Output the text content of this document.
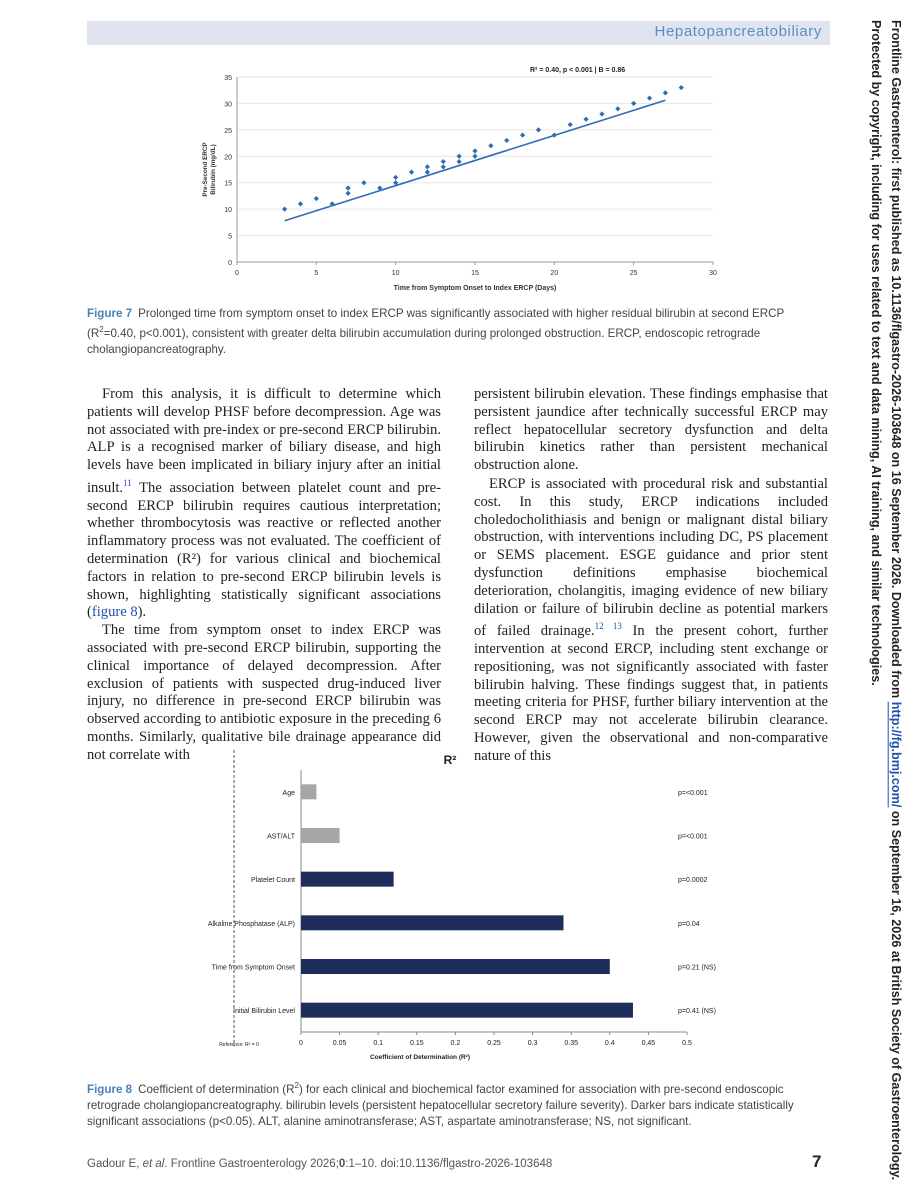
Hepatopancreatobiliary	Frontline Gastroenterol: first published as 10.1136/flgastro-2026-103648 on 16 September 2026. Downloaded from http://fg.bmj.com/ on September 16, 2026 at British Society of Gastroenterology.
Protected by copyright, including for uses related to text and data mining, AI training, and similar technologies.
0
5
10
15
20
25
30
35
0	5	10	15	20	25	30
Time from Symptom Onset to Index ERCP (Days)
Pre-Second ERCPBilirubin (mg/dL)
R² = 0.40, p < 0.001 | B = 0.86
Figure 7 Prolonged time from symptom onset to index ERCP was significantly associated with higher residual bilirubin at second ERCP ($R^2=0.40$, p<0.001), consistent with greater delta bilirubin accumulation during prolonged obstruction. ERCP, endoscopic retrograde cholangiopancreatography.

From this analysis, it is difficult to determine which patients will develop PHSF before decompression. Age was not associated with pre-index or pre-second ERCP bilirubin. ALP is a recognised marker of biliary disease, and high levels have been implicated in biliary injury after an initial insult.$^{11}$ The association between platelet count and pre-second ERCP bilirubin requires cautious interpretation; whether thrombocytosis was reactive or reflected another inflammatory process was not evaluated. The coefficient of determination (R²) for various clinical and biochemical factors in relation to pre-second ERCP bilirubin levels is shown, highlighting statistically significant associations (figure 8).

The time from symptom onset to index ERCP was associated with pre-second ERCP bilirubin, supporting the clinical importance of delayed decompression. After exclusion of patients with suspected drug-induced liver injury, no difference in pre-second ERCP bilirubin was observed according to antibiotic exposure in the preceding 6 months. Similarly, qualitative bile drainage appearance did not correlate with

persistent bilirubin elevation. These findings emphasise that persistent jaundice after technically successful ERCP may reflect hepatocellular secretory dysfunction and delta bilirubin kinetics rather than persistent mechanical obstruction alone.

ERCP is associated with procedural risk and substantial cost. In this study, ERCP indications included choledocholithiasis and benign or malignant distal biliary obstruction, with interventions including DC, PS placement or SEMS placement. ESGE guidance and prior stent dysfunction definitions emphasise biochemical deterioration, cholangitis, imaging evidence of new biliary dilation or failure of bilirubin decline as potential markers of failed drainage.$^{12 13}$ In the present cohort, further intervention at second ERCP, including stent exchange or repositioning, was not significantly associated with faster bilirubin halving. These findings suggest that, in patients meeting criteria for PHSF, further biliary intervention at the second ERCP may not accelerate bilirubin clearance. However, given the observational and non-comparative nature of this

R²
Age	p=<0.001
AST/ALT	p=<0.001
Platelet Count	p=0.0002
Alkaline Phosphatase (ALP)	p=0.04
Time from Symptom Onset	p=0.21 (NS)
Initial Bilirubin Level	p=0.41 (NS)
0	0.05	0.1	0.15	0.2	0.25	0.3	0.35	0.4	0.45	0.5
Reference: R² = 0
Coefficient of Determination (R²)
Figure 8 Coefficient of determination $(R^2)$ for each clinical and biochemical factor examined for association with pre-second endoscopic retrograde cholangiopancreatography. bilirubin levels (persistent hepatocellular secretory failure severity). Darker bars indicate statistically significant associations (p<0.05). ALT, alanine aminotransferase; AST, aspartate aminotransferase; NS, not significant.
Gadour E, et al. Frontline Gastroenterology 2026;0:1–10. doi:10.1136/flgastro-2026-103648	7
